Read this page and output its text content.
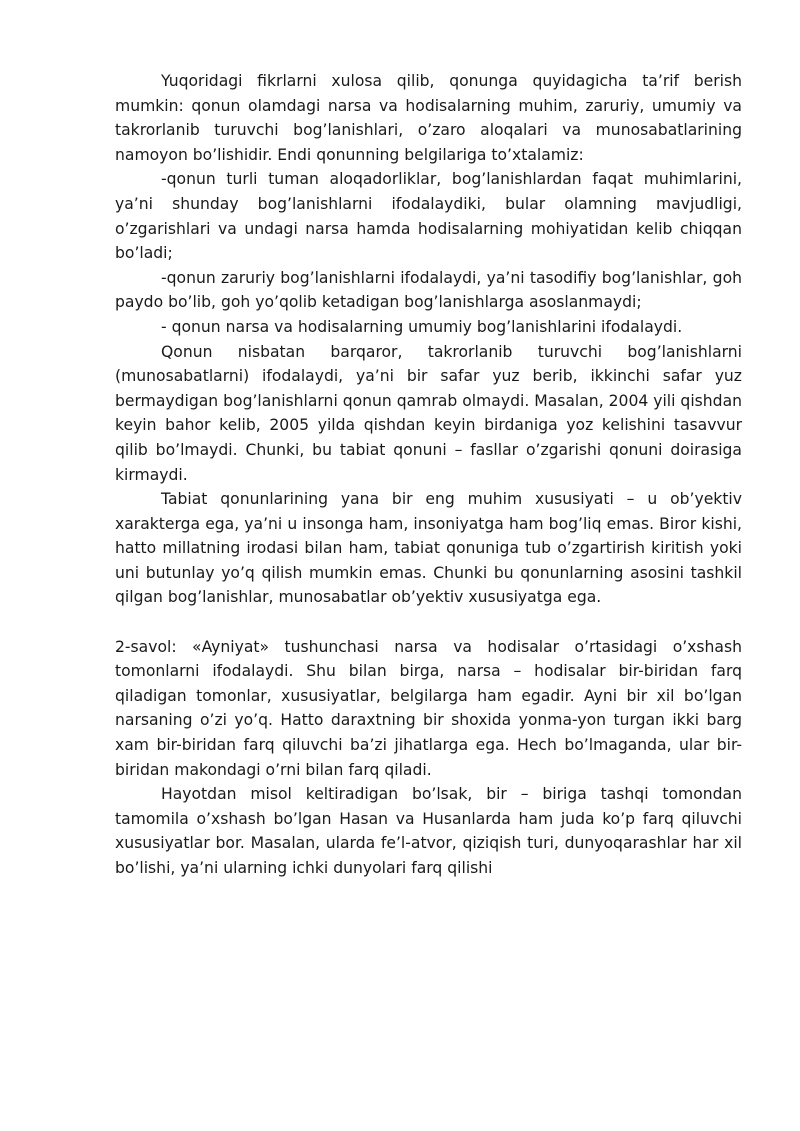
Yuqoridagi fikrlarni xulosa qilib, qonunga quyidagicha ta’rif berish mumkin: qonun olamdagi narsa va hodisalarning muhim, zaruriy, umumiy va takrorlanib turuvchi bog’lanishlari, o’zaro aloqalari va munosabatlarining namoyon bo’lishidir. Endi qonunning belgilariga to’xtalamiz:

-qonun turli tuman aloqadorliklar, bog’lanishlardan faqat muhimlarini, ya’ni shunday bog’lanishlarni ifodalaydiki, bular olamning mavjudligi, o’zgarishlari va undagi narsa hamda hodisalarning mohiyatidan kelib chiqqan bo’ladi;

-qonun zaruriy bog’lanishlarni ifodalaydi, ya’ni tasodifiy bog’lanishlar, goh paydo bo’lib, goh yo’qolib ketadigan bog’lanishlarga asoslanmaydi;

- qonun narsa va hodisalarning umumiy bog’lanishlarini ifodalaydi.

Qonun nisbatan barqaror, takrorlanib turuvchi bog’lanishlarni (munosabatlarni) ifodalaydi, ya’ni bir safar yuz berib, ikkinchi safar yuz bermaydigan bog’lanishlarni qonun qamrab olmaydi. Masalan, 2004 yili qishdan keyin bahor kelib, 2005 yilda qishdan keyin birdaniga yoz kelishini tasavvur qilib bo’lmaydi. Chunki, bu tabiat qonuni – fasllar o’zgarishi qonuni doirasiga kirmaydi.

Tabiat qonunlarining yana bir eng muhim xususiyati – u ob’yektiv xarakterga ega, ya’ni u insonga ham, insoniyatga ham bog’liq emas. Biror kishi, hatto millatning irodasi bilan ham, tabiat qonuniga tub o’zgartirish kiritish yoki uni butunlay yo’q qilish mumkin emas. Chunki bu qonunlarning asosini tashkil qilgan bog’lanishlar, munosabatlar ob’yektiv xususiyatga ega.

2-savol: «Ayniyat» tushunchasi narsa va hodisalar o’rtasidagi o’xshash tomonlarni ifodalaydi. Shu bilan birga, narsa – hodisalar bir-biridan farq qiladigan tomonlar, xususiyatlar, belgilarga ham egadir. Ayni bir xil bo’lgan narsaning o’zi yo’q. Hatto daraxtning bir shoxida yonma-yon turgan ikki barg xam bir-biridan farq qiluvchi ba’zi jihatlarga ega. Hech bo’lmaganda, ular bir-biridan makondagi o’rni bilan farq qiladi.

Hayotdan misol keltiradigan bo’lsak, bir – biriga tashqi tomondan tamomila o’xshash bo’lgan Hasan va Husanlarda ham juda ko’p farq qiluvchi xususiyatlar bor. Masalan, ularda fe’l-atvor, qiziqish turi, dunyoqarashlar har xil bo’lishi, ya’ni ularning ichki dunyolari farq qilishi
